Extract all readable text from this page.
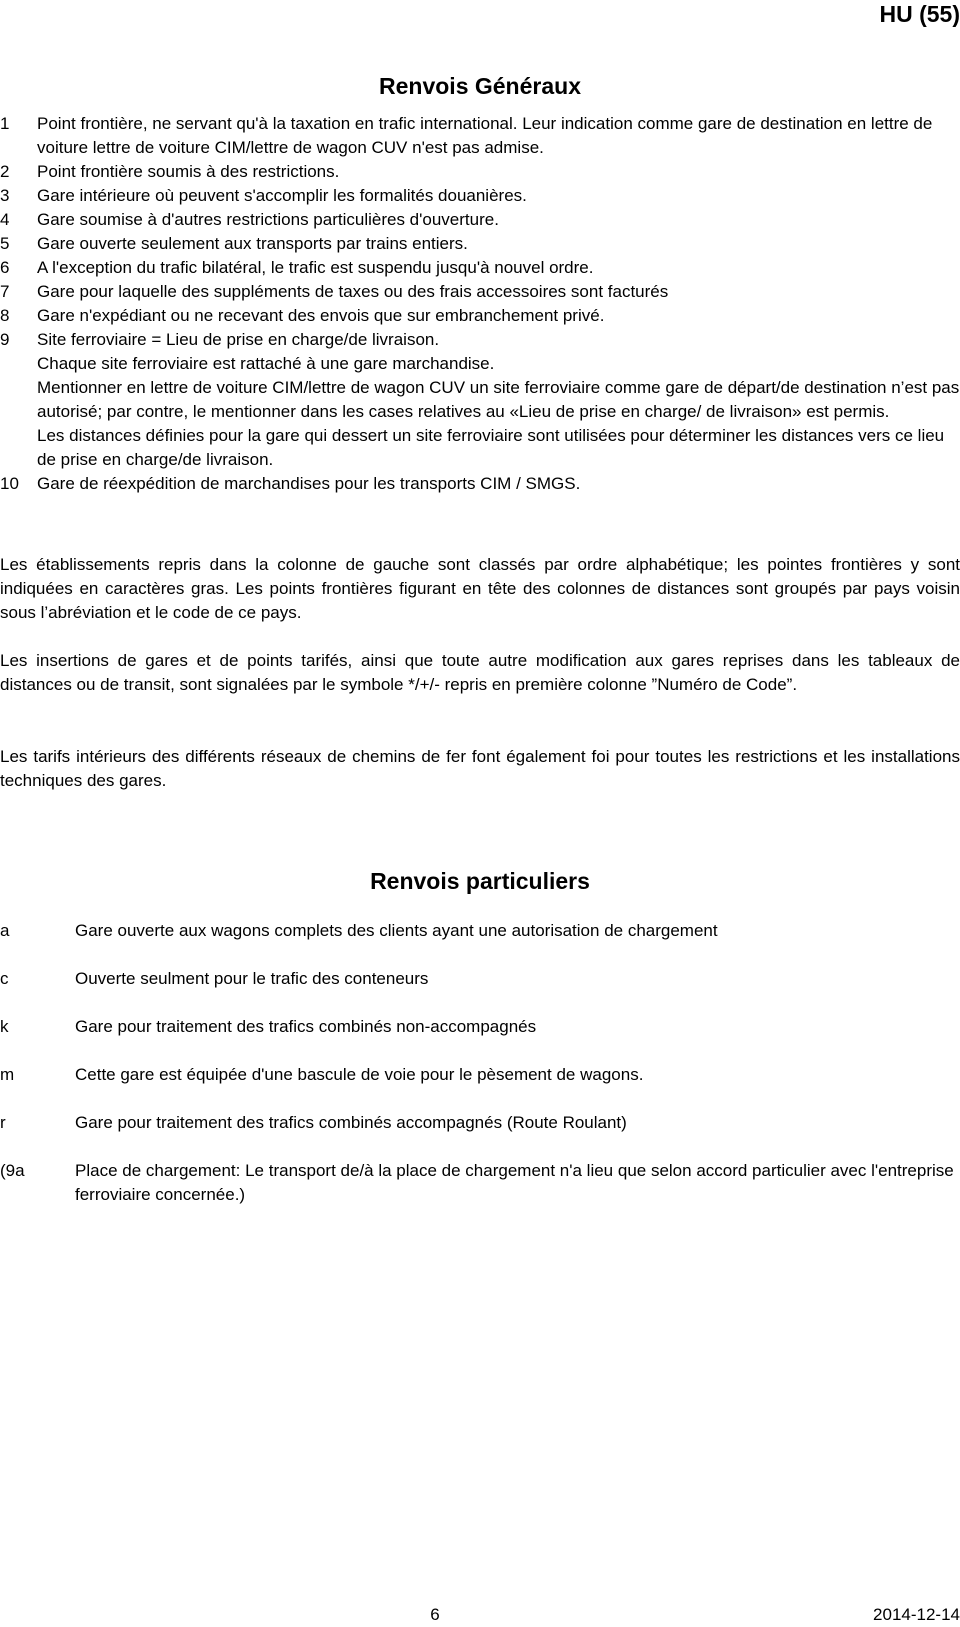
HU (55)
Renvois Généraux
1	Point frontière, ne servant qu'à la taxation en trafic international. Leur indication comme gare de destination en lettre de voiture lettre de voiture CIM/lettre de wagon CUV n'est pas admise.

2	Point frontière soumis à des restrictions.

3	Gare intérieure où peuvent s'accomplir les formalités douanières.

4	Gare soumise à d'autres restrictions particulières d'ouverture.

5	Gare ouverte seulement aux transports par trains entiers.

6	A l'exception du trafic bilatéral, le trafic est suspendu jusqu'à nouvel ordre.

7	Gare pour laquelle des suppléments de taxes ou des frais accessoires sont facturés

8	Gare n'expédiant ou ne recevant des envois que sur embranchement privé.

9	Site ferroviaire = Lieu de prise en charge/de livraison.

Chaque site ferroviaire est rattaché à une gare marchandise.

Mentionner en lettre de voiture CIM/lettre de wagon CUV un site ferroviaire comme gare de départ/de destination n’est pas autorisé; par contre, le mentionner dans les cases relatives au «Lieu de prise en charge/ de livraison» est permis.

Les distances définies pour la gare qui dessert un site ferroviaire sont utilisées pour déterminer les distances vers ce lieu de prise en charge/de livraison.

10	Gare de réexpédition de marchandises pour les transports CIM / SMGS.

Les établissements repris dans la colonne de gauche sont classés par ordre alphabétique; les pointes frontières y sont indiquées en caractères gras. Les points frontières figurant en tête des colonnes de distances sont groupés par pays voisin sous l’abréviation et le code de ce pays.

Les insertions de gares et de points tarifés, ainsi que toute autre modification aux gares reprises dans les tableaux de distances ou de transit, sont signalées par le symbole */+/- repris en première colonne ”Numéro de Code”.

Les tarifs intérieurs des différents réseaux de chemins de fer font également foi pour toutes les restrictions et les installations techniques des gares.

Renvois particuliers
a	Gare ouverte aux wagons complets des clients ayant une autorisation de chargement
c	Ouverte seulment pour le trafic des conteneurs
k	Gare pour traitement des trafics combinés non-accompagnés
m	Cette gare est équipée d'une bascule de voie pour le pèsement de wagons.
r	Gare pour traitement des trafics combinés accompagnés (Route Roulant)
(9a	Place de chargement: Le transport de/à la place de chargement n'a lieu que selon accord particulier avec l'entreprise ferroviaire concernée.)
6	2014-12-14
